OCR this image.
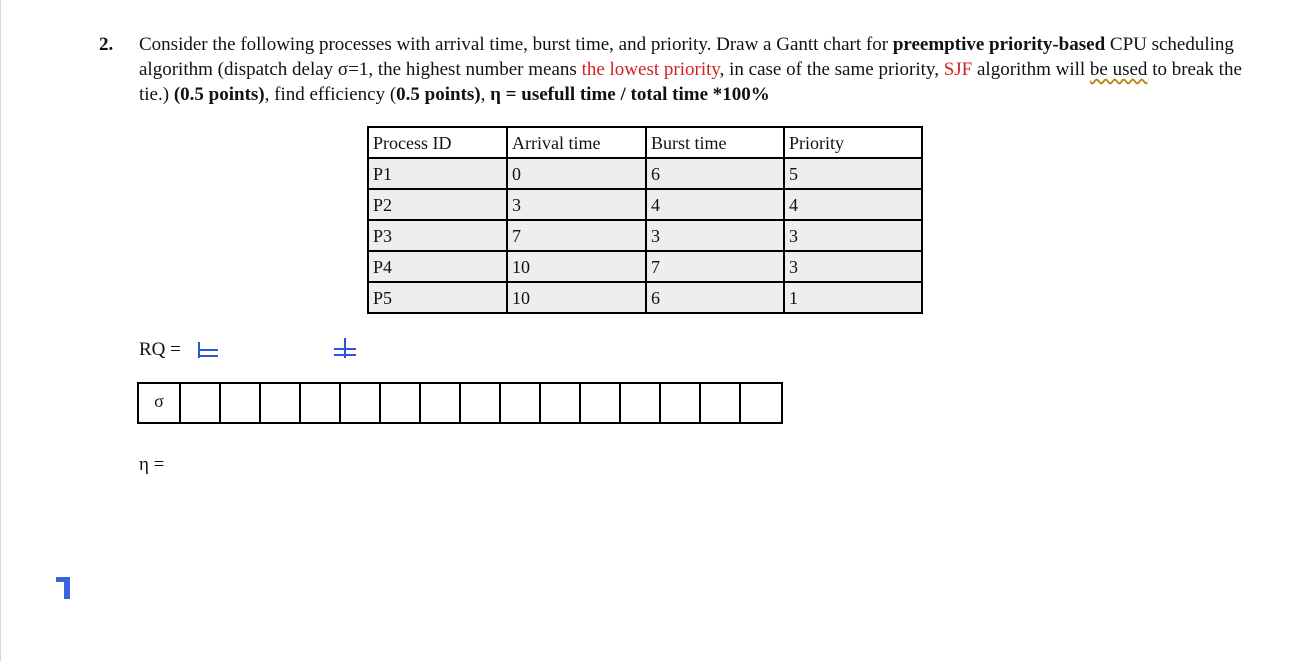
2. Consider the following processes with arrival time, burst time, and priority. Draw a Gantt chart for preemptive priority-based CPU scheduling algorithm (dispatch delay σ=1, the highest number means the lowest priority, in case of the same priority, SJF algorithm will be used to break the tie.) (0.5 points), find efficiency (0.5 points), η = usefull time / total time *100%
Process ID	Arrival time	Burst time	Priority
P1	0	6	5
P2	3	4	4
P3	7	3	3
P4	10	7	3
P5	10	6	1
RQ =
σ
η =
